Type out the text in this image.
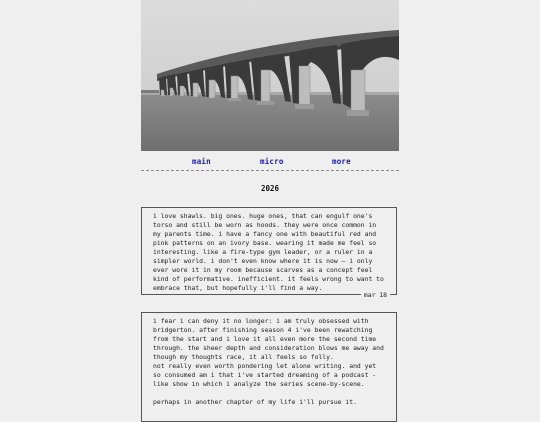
main	micro	more
2026
i love shawls. big ones. huge ones, that can engulf one's torso and still be worn as hoods. they were once common in my parents time. i have a fancy one with beautiful red and pink patterns on an ivory base. wearing it made me feel so interesting. like a fire-type gym leader, or a ruler in a simpler world. i don't even know where it is now — i only ever wore it in my room because scarves as a concept feel kind of performative. inefficient. it feels wrong to want to embrace that, but hopefully i'll find a way.
mar 18
i fear i can deny it no longer: i am truly obsessed with bridgerton. after finishing season 4 i've been rewatching from the start and i love it all even more the second time through. the sheer depth and consideration blows me away and though my thoughts race, it all feels so folly.
not really even worth pondering let alone writing. and yet so consumed am i that i've started dreaming of a podcast -like show in which i analyze the series scene-by-scene.

perhaps in another chapter of my life i'll pursue it.
